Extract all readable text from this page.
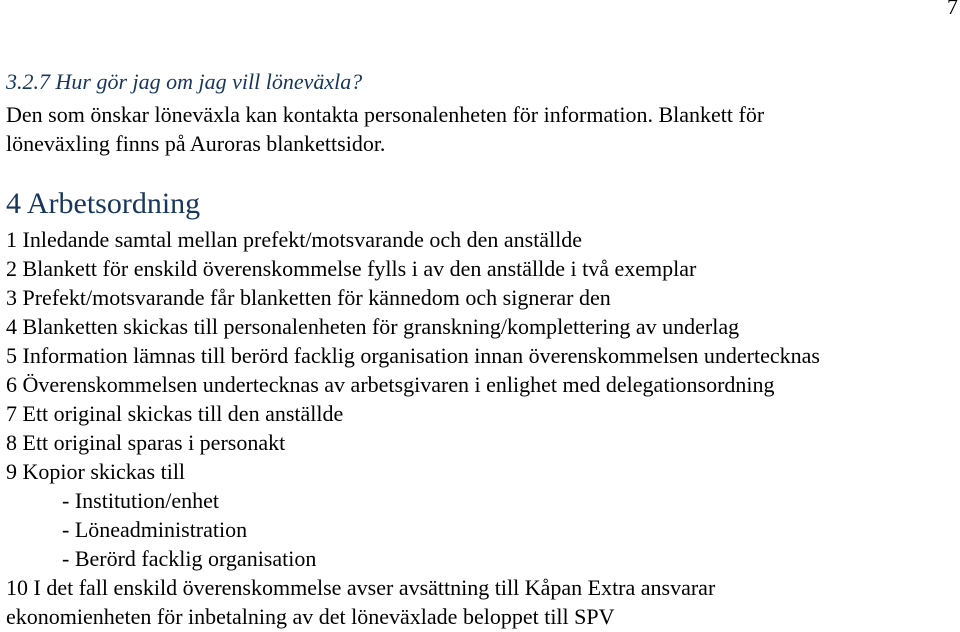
7
3.2.7 Hur gör jag om jag vill löneväxla?
Den som önskar löneväxla kan kontakta personalenheten för information. Blankett för
löneväxling finns på Auroras blankettsidor.
4 Arbetsordning
1 Inledande samtal mellan prefekt/motsvarande och den anställde
2 Blankett för enskild överenskommelse fylls i av den anställde i två exemplar
3 Prefekt/motsvarande får blanketten för kännedom och signerar den
4 Blanketten skickas till personalenheten för granskning/komplettering av underlag
5 Information lämnas till berörd facklig organisation innan överenskommelsen undertecknas
6 Överenskommelsen undertecknas av arbetsgivaren i enlighet med delegationsordning
7 Ett original skickas till den anställde
8 Ett original sparas i personakt
9 Kopior skickas till
- Institution/enhet
- Löneadministration
- Berörd facklig organisation
10 I det fall enskild överenskommelse avser avsättning till Kåpan Extra ansvarar
ekonomienheten för inbetalning av det löneväxlade beloppet till SPV
